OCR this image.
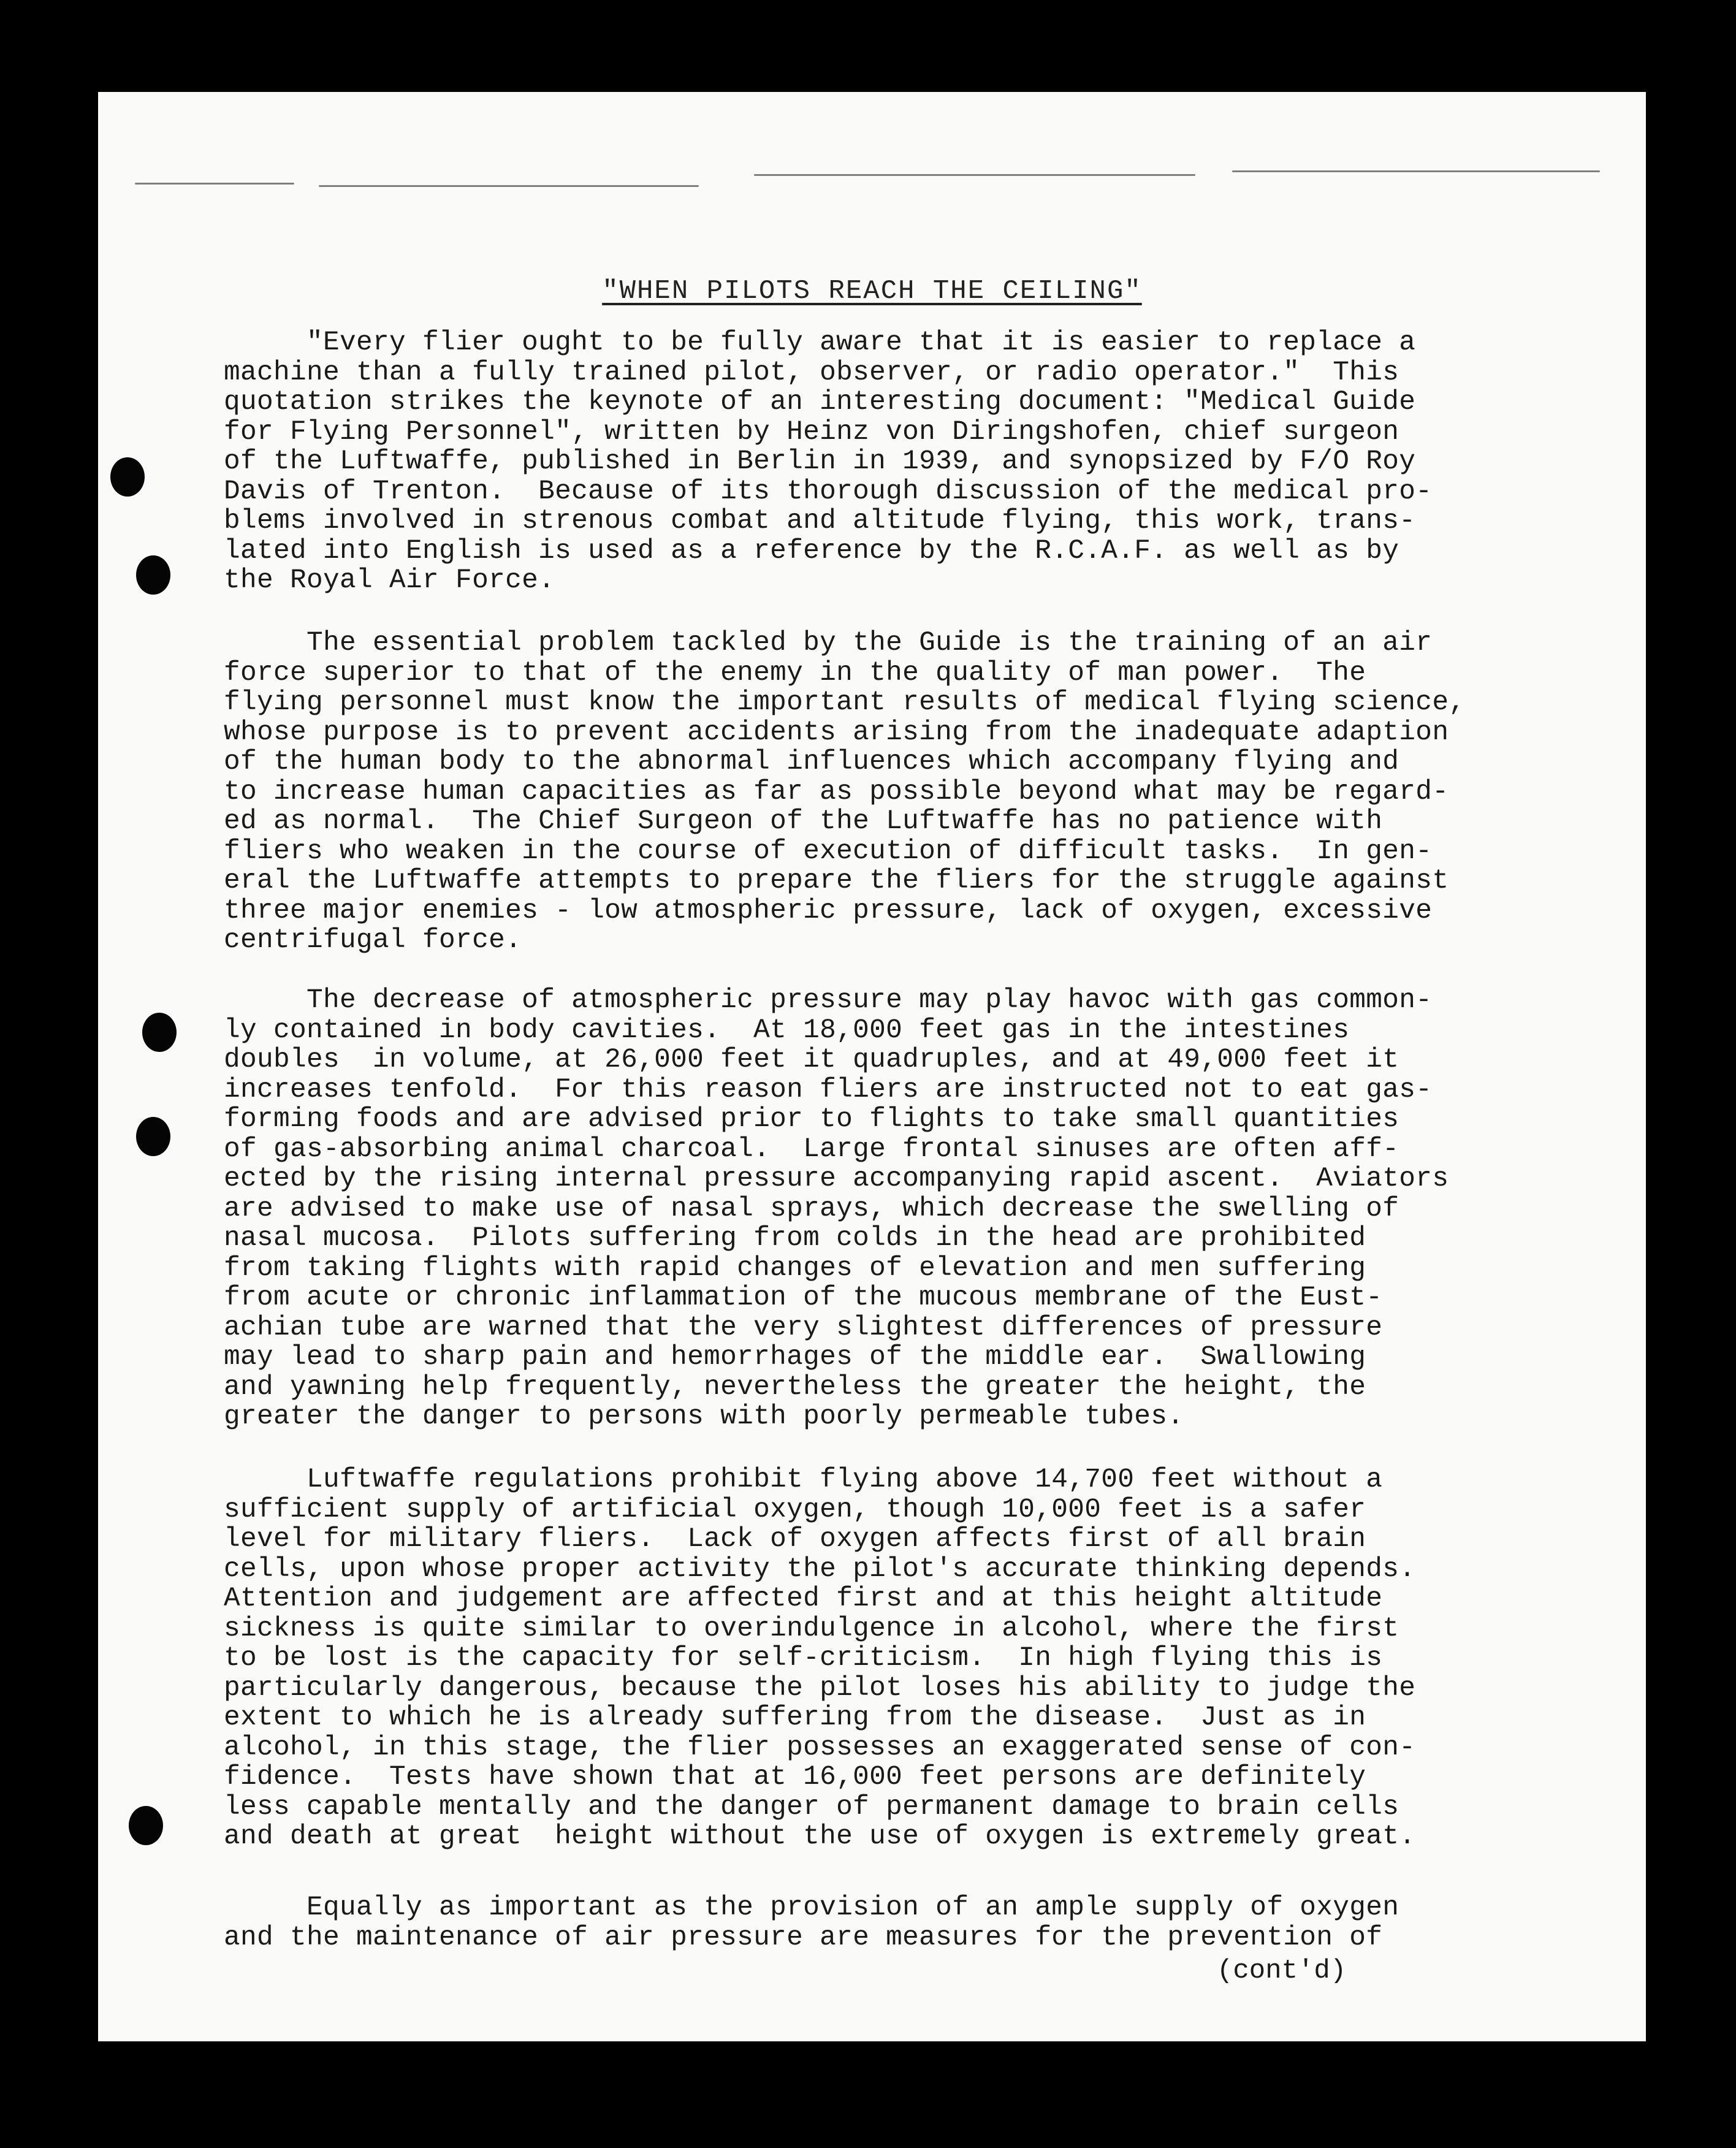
"WHEN PILOTS REACH THE CEILING"
"Every flier ought to be fully aware that it is easier to replace a
machine than a fully trained pilot, observer, or radio operator."  This
quotation strikes the keynote of an interesting document: "Medical Guide
for Flying Personnel", written by Heinz von Diringshofen, chief surgeon
of the Luftwaffe, published in Berlin in 1939, and synopsized by F/O Roy
Davis of Trenton.  Because of its thorough discussion of the medical pro-
blems involved in strenous combat and altitude flying, this work, trans-
lated into English is used as a reference by the R.C.A.F. as well as by
the Royal Air Force.
The essential problem tackled by the Guide is the training of an air
force superior to that of the enemy in the quality of man power.  The
flying personnel must know the important results of medical flying science,
whose purpose is to prevent accidents arising from the inadequate adaption
of the human body to the abnormal influences which accompany flying and
to increase human capacities as far as possible beyond what may be regard-
ed as normal.  The Chief Surgeon of the Luftwaffe has no patience with
fliers who weaken in the course of execution of difficult tasks.  In gen-
eral the Luftwaffe attempts to prepare the fliers for the struggle against
three major enemies - low atmospheric pressure, lack of oxygen, excessive
centrifugal force.
The decrease of atmospheric pressure may play havoc with gas common-
ly contained in body cavities.  At 18,000 feet gas in the intestines
doubles  in volume, at 26,000 feet it quadruples, and at 49,000 feet it
increases tenfold.  For this reason fliers are instructed not to eat gas-
forming foods and are advised prior to flights to take small quantities
of gas-absorbing animal charcoal.  Large frontal sinuses are often aff-
ected by the rising internal pressure accompanying rapid ascent.  Aviators
are advised to make use of nasal sprays, which decrease the swelling of
nasal mucosa.  Pilots suffering from colds in the head are prohibited
from taking flights with rapid changes of elevation and men suffering
from acute or chronic inflammation of the mucous membrane of the Eust-
achian tube are warned that the very slightest differences of pressure
may lead to sharp pain and hemorrhages of the middle ear.  Swallowing
and yawning help frequently, nevertheless the greater the height, the
greater the danger to persons with poorly permeable tubes.
Luftwaffe regulations prohibit flying above 14,700 feet without a
sufficient supply of artificial oxygen, though 10,000 feet is a safer
level for military fliers.  Lack of oxygen affects first of all brain
cells, upon whose proper activity the pilot's accurate thinking depends.
Attention and judgement are affected first and at this height altitude
sickness is quite similar to overindulgence in alcohol, where the first
to be lost is the capacity for self-criticism.  In high flying this is
particularly dangerous, because the pilot loses his ability to judge the
extent to which he is already suffering from the disease.  Just as in
alcohol, in this stage, the flier possesses an exaggerated sense of con-
fidence.  Tests have shown that at 16,000 feet persons are definitely
less capable mentally and the danger of permanent damage to brain cells
and death at great  height without the use of oxygen is extremely great.
Equally as important as the provision of an ample supply of oxygen
and the maintenance of air pressure are measures for the prevention of
(cont'd)
